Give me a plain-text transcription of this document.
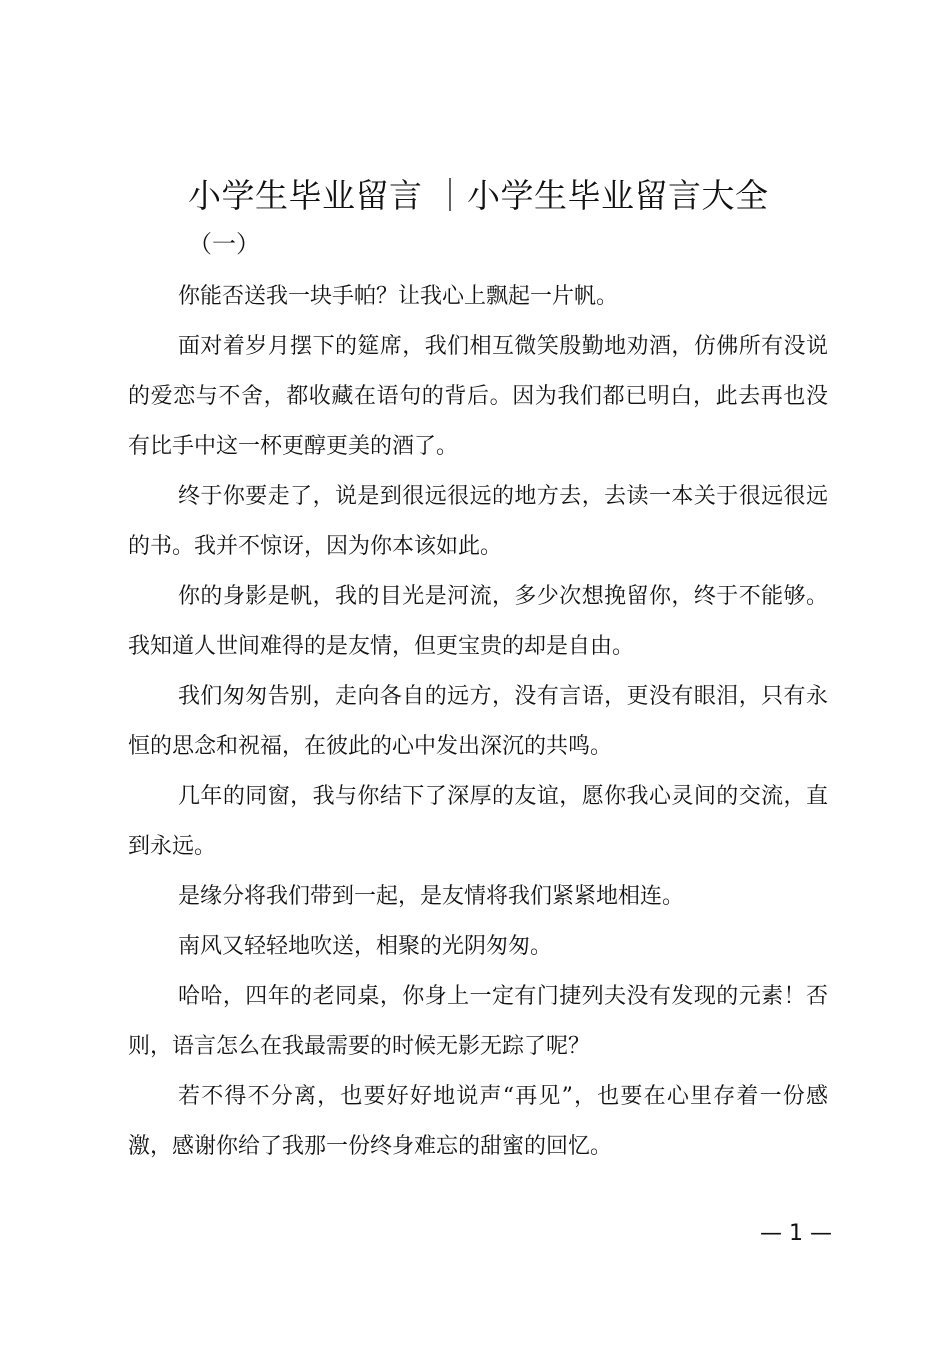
小学生毕业留言 ｜小学生毕业留言大全
（一）

你能否送我一块手帕？让我心上飘起一片帆。

面对着岁月摆下的筵席，我们相互微笑殷勤地劝酒，仿佛所有没说的爱恋与不舍，都收藏在语句的背后。因为我们都已明白，此去再也没有比手中这一杯更醇更美的酒了。

终于你要走了，说是到很远很远的地方去，去读一本关于很远很远的书。我并不惊讶，因为你本该如此。

你的身影是帆，我的目光是河流，多少次想挽留你，终于不能够。我知道人世间难得的是友情，但更宝贵的却是自由。

我们匆匆告别，走向各自的远方，没有言语，更没有眼泪，只有永恒的思念和祝福，在彼此的心中发出深沉的共鸣。

几年的同窗，我与你结下了深厚的友谊，愿你我心灵间的交流，直到永远。

是缘分将我们带到一起，是友情将我们紧紧地相连。

南风又轻轻地吹送，相聚的光阴匆匆。

哈哈，四年的老同桌，你身上一定有门捷列夫没有发现的元素！否则，语言怎么在我最需要的时候无影无踪了呢？

若不得不分离，也要好好地说声“再见”，也要在心里存着一份感激，感谢你给了我那一份终身难忘的甜蜜的回忆。

— 1 —
